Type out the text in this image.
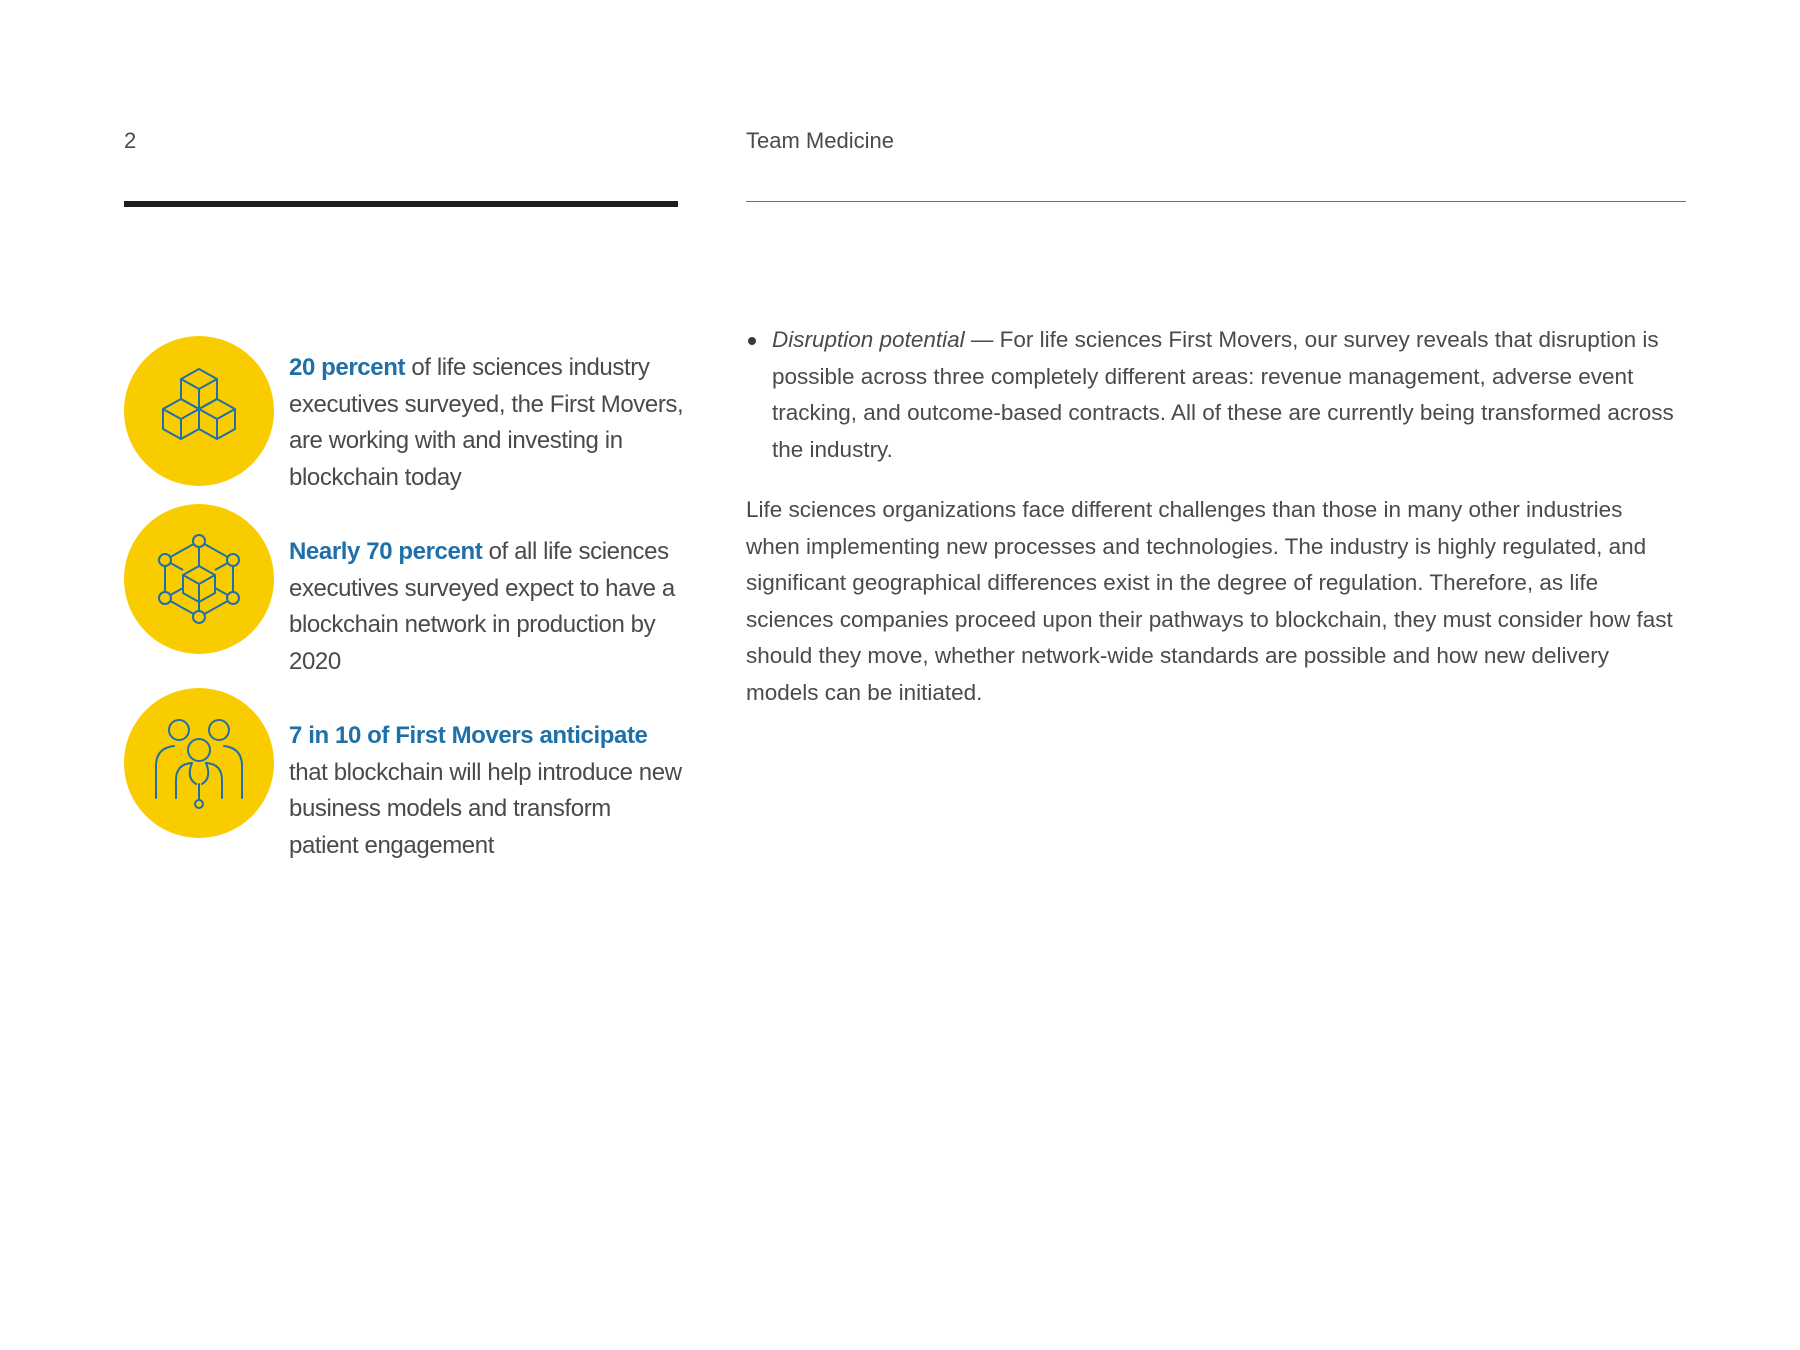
2	Team Medicine
20 percent of life sciences industry executives surveyed, the First Movers, are working with and investing in blockchain today
Nearly 70 percent of all life sciences executives surveyed expect to have a blockchain network in production by 2020
7 in 10 of First Movers anticipate that blockchain will help introduce new business models and transform patient engagement
Disruption potential — For life sciences First Movers, our survey reveals that disruption is possible across three completely different areas: revenue management, adverse event tracking, and outcome-based contracts. All of these are currently being transformed across the industry.

Life sciences organizations face different challenges than those in many other industries when implementing new processes and technologies. The industry is highly regulated, and significant geographical differences exist in the degree of regulation. Therefore, as life sciences companies proceed upon their pathways to blockchain, they must consider how fast should they move, whether network-wide standards are possible and how new delivery models can be initiated.
